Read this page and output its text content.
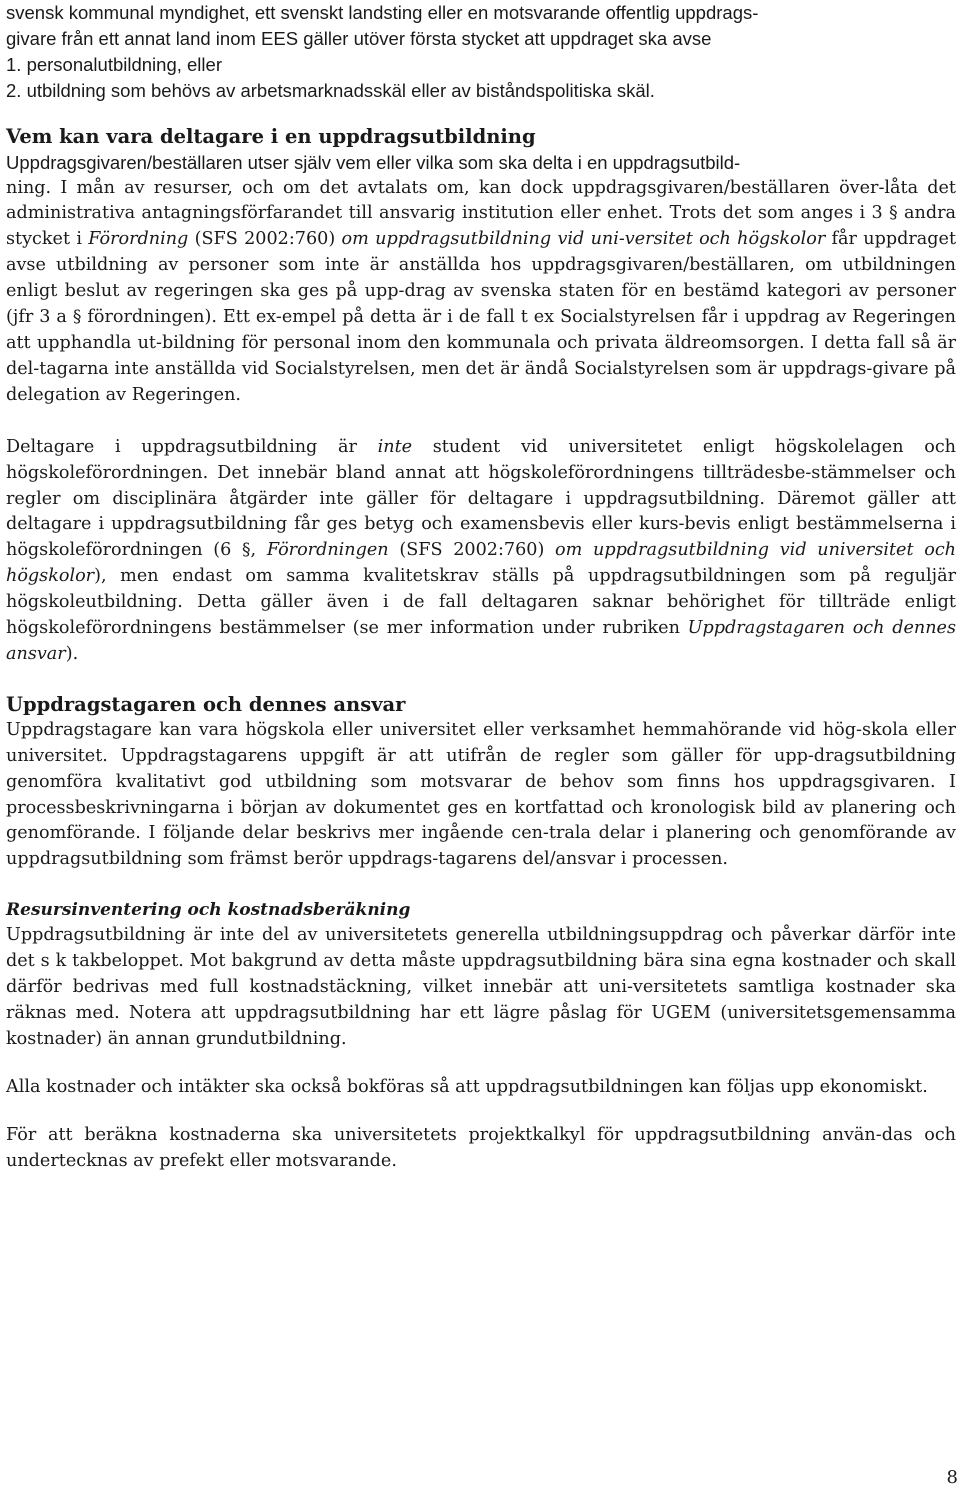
svensk kommunal myndighet, ett svenskt landsting eller en motsvarande offentlig uppdrags-

givare från ett annat land inom EES gäller utöver första stycket att uppdraget ska avse

1. personalutbildning, eller

2. utbildning som behövs av arbetsmarknadsskäl eller av biståndspolitiska skäl.

Vem kan vara deltagare i en uppdragsutbildning

Uppdragsgivaren/beställaren utser själv vem eller vilka som ska delta i en uppdragsutbild-

ning. I mån av resurser, och om det avtalats om, kan dock uppdragsgivaren/beställaren över-låta det administrativa antagningsförfarandet till ansvarig institution eller enhet. Trots det som anges i 3 § andra stycket i Förordning (SFS 2002:760) om uppdragsutbildning vid uni-versitet och högskolor får uppdraget avse utbildning av personer som inte är anställda hos uppdragsgivaren/beställaren, om utbildningen enligt beslut av regeringen ska ges på upp-drag av svenska staten för en bestämd kategori av personer (jfr 3 a § förordningen). Ett ex-empel på detta är i de fall t ex Socialstyrelsen får i uppdrag av Regeringen att upphandla ut-bildning för personal inom den kommunala och privata äldreomsorgen. I detta fall så är del-tagarna inte anställda vid Socialstyrelsen, men det är ändå Socialstyrelsen som är uppdrags-givare på delegation av Regeringen.

Deltagare i uppdragsutbildning är inte student vid universitetet enligt högskolelagen och högskoleförordningen. Det innebär bland annat att högskoleförordningens tillträdesbe-stämmelser och regler om disciplinära åtgärder inte gäller för deltagare i uppdragsutbildning. Däremot gäller att deltagare i uppdragsutbildning får ges betyg och examensbevis eller kurs-bevis enligt bestämmelserna i högskoleförordningen (6 §, Förordningen (SFS 2002:760) om uppdragsutbildning vid universitet och högskolor), men endast om samma kvalitetskrav ställs på uppdragsutbildningen som på reguljär högskoleutbildning. Detta gäller även i de fall deltagaren saknar behörighet för tillträde enligt högskoleförordningens bestämmelser (se mer information under rubriken Uppdragstagaren och dennes ansvar).

Uppdragstagaren och dennes ansvar

Uppdragstagare kan vara högskola eller universitet eller verksamhet hemmahörande vid hög-skola eller universitet. Uppdragstagarens uppgift är att utifrån de regler som gäller för upp-dragsutbildning genomföra kvalitativt god utbildning som motsvarar de behov som finns hos uppdragsgivaren. I processbeskrivningarna i början av dokumentet ges en kortfattad och kronologisk bild av planering och genomförande. I följande delar beskrivs mer ingående cen-trala delar i planering och genomförande av uppdragsutbildning som främst berör uppdrags-tagarens del/ansvar i processen.

Resursinventering och kostnadsberäkning

Uppdragsutbildning är inte del av universitetets generella utbildningsuppdrag och påverkar därför inte det s k takbeloppet. Mot bakgrund av detta måste uppdragsutbildning bära sina egna kostnader och skall därför bedrivas med full kostnadstäckning, vilket innebär att uni-versitetets samtliga kostnader ska räknas med. Notera att uppdragsutbildning har ett lägre påslag för UGEM (universitetsgemensamma kostnader) än annan grundutbildning.

Alla kostnader och intäkter ska också bokföras så att uppdragsutbildningen kan följas upp ekonomiskt.

För att beräkna kostnaderna ska universitetets projektkalkyl för uppdragsutbildning använ-das och undertecknas av prefekt eller motsvarande.

8
